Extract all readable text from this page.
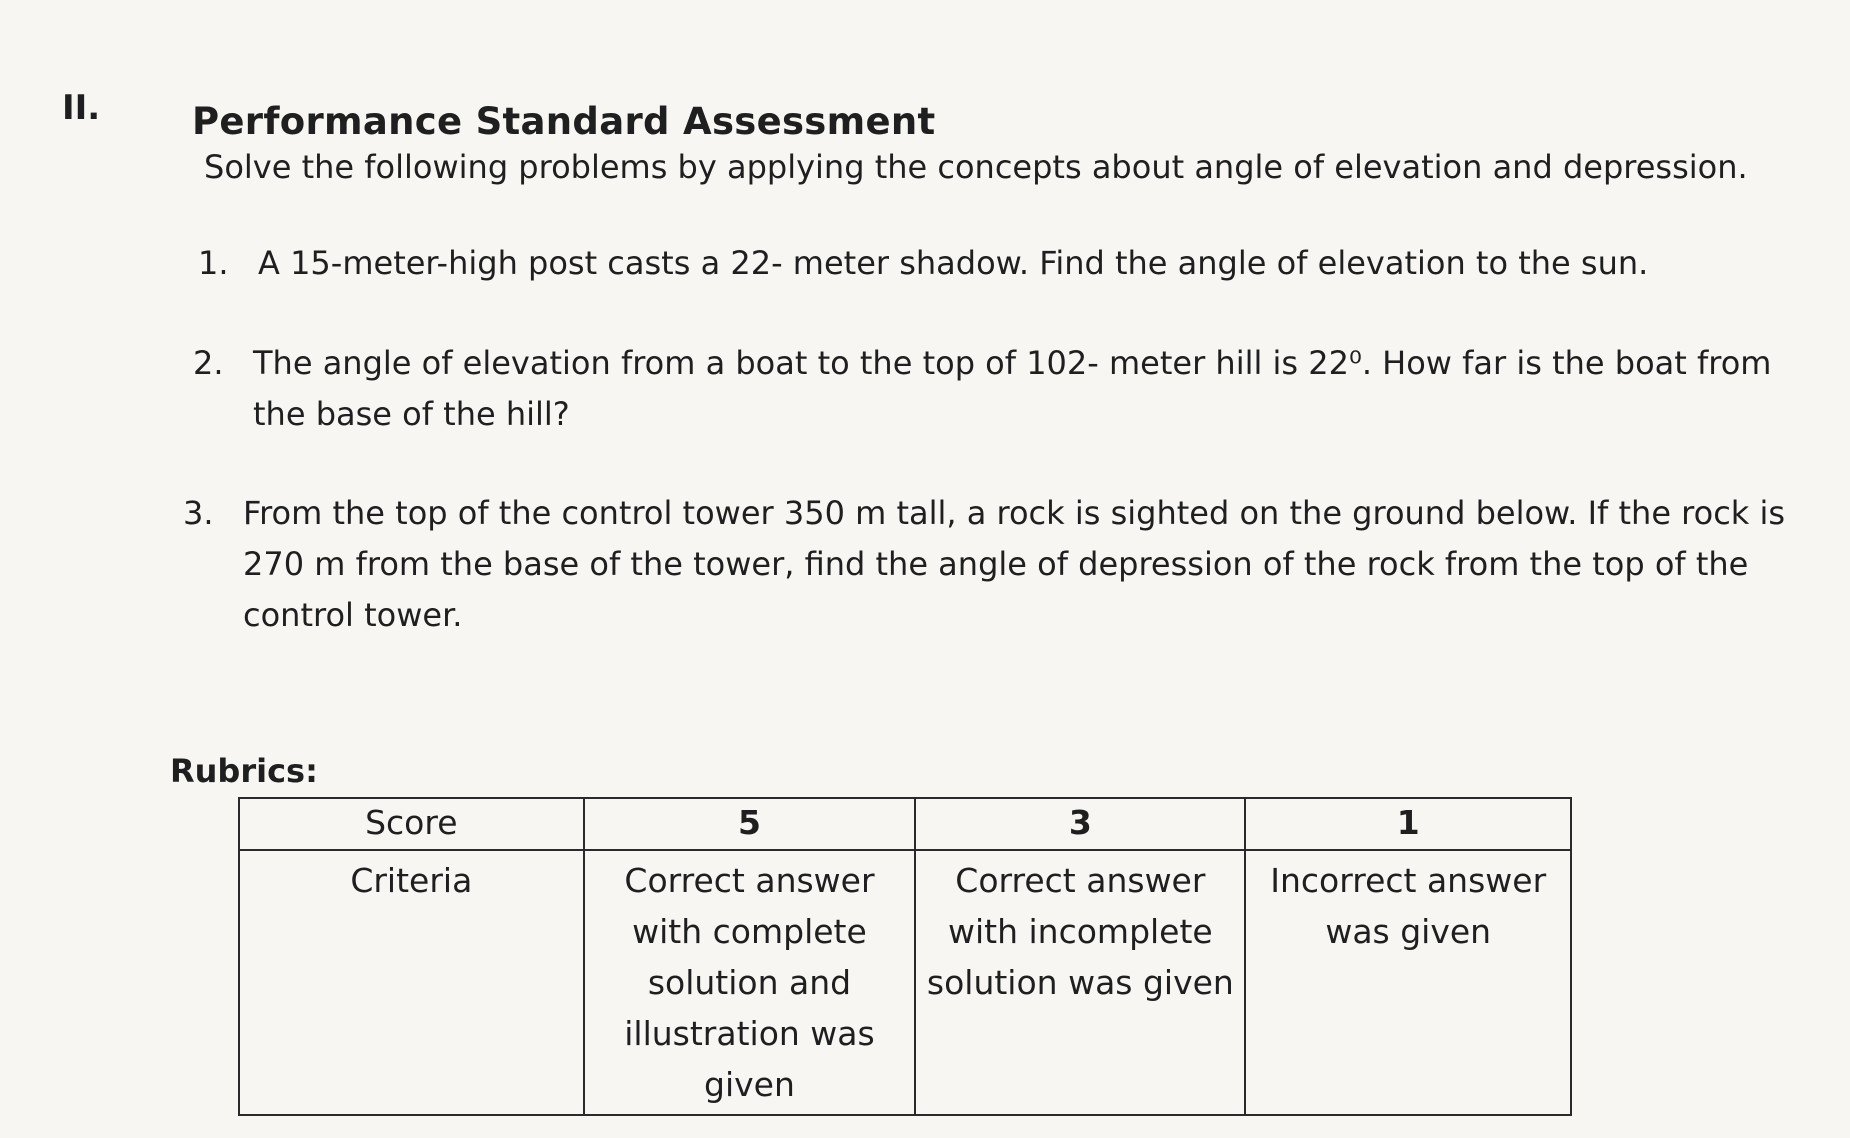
II. Performance Standard Assessment
Solve the following problems by applying the concepts about angle of elevation and depression.
1. A 15-meter-high post casts a 22- meter shadow. Find the angle of elevation to the sun.
2. The angle of elevation from a boat to the top of 102- meter hill is 22⁰. How far is the boat from the base of the hill?
3. From the top of the control tower 350 m tall, a rock is sighted on the ground below. If the rock is 270 m from the base of the tower, find the angle of depression of the rock from the top of the control tower.
Rubrics:
Score	5	3	1
Criteria	Correct answer with complete solution and illustration was given	Correct answer with incomplete solution was given	Incorrect answer was given
